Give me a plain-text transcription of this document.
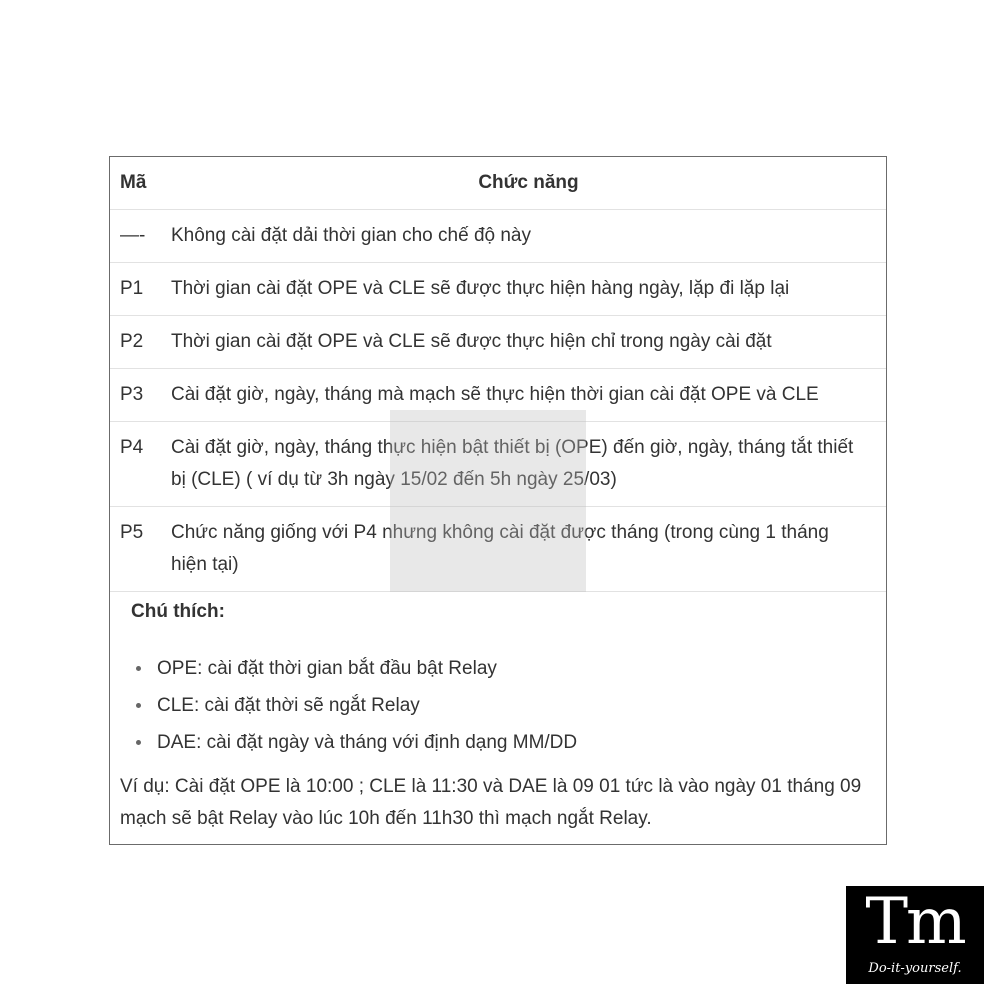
Mã	Chức năng
—- Không cài đặt dải thời gian cho chế độ này
P1 Thời gian cài đặt OPE và CLE sẽ được thực hiện hàng ngày, lặp đi lặp lại
P2 Thời gian cài đặt OPE và CLE sẽ được thực hiện chỉ trong ngày cài đặt
P3 Cài đặt giờ, ngày, tháng mà mạch sẽ thực hiện thời gian cài đặt OPE và CLE
P4 Cài đặt giờ, ngày, tháng thực hiện bật thiết bị (OPE) đến giờ, ngày, tháng tắt thiết bị (CLE) ( ví dụ từ 3h ngày 15/02 đến 5h ngày 25/03)
P5 Chức năng giống với P4 nhưng không cài đặt được tháng (trong cùng 1 tháng hiện tại)
Chú thích:
OPE: cài đặt thời gian bắt đầu bật Relay
CLE: cài đặt thời sẽ ngắt Relay
DAE: cài đặt ngày và tháng với định dạng MM/DD
Ví dụ: Cài đặt OPE là 10:00 ; CLE là 11:30 và DAE là 09 01 tức là vào ngày 01 tháng 09 mạch sẽ bật Relay vào lúc 10h đến 11h30 thì mạch ngắt Relay.
Tm
Do-it-yourself.
